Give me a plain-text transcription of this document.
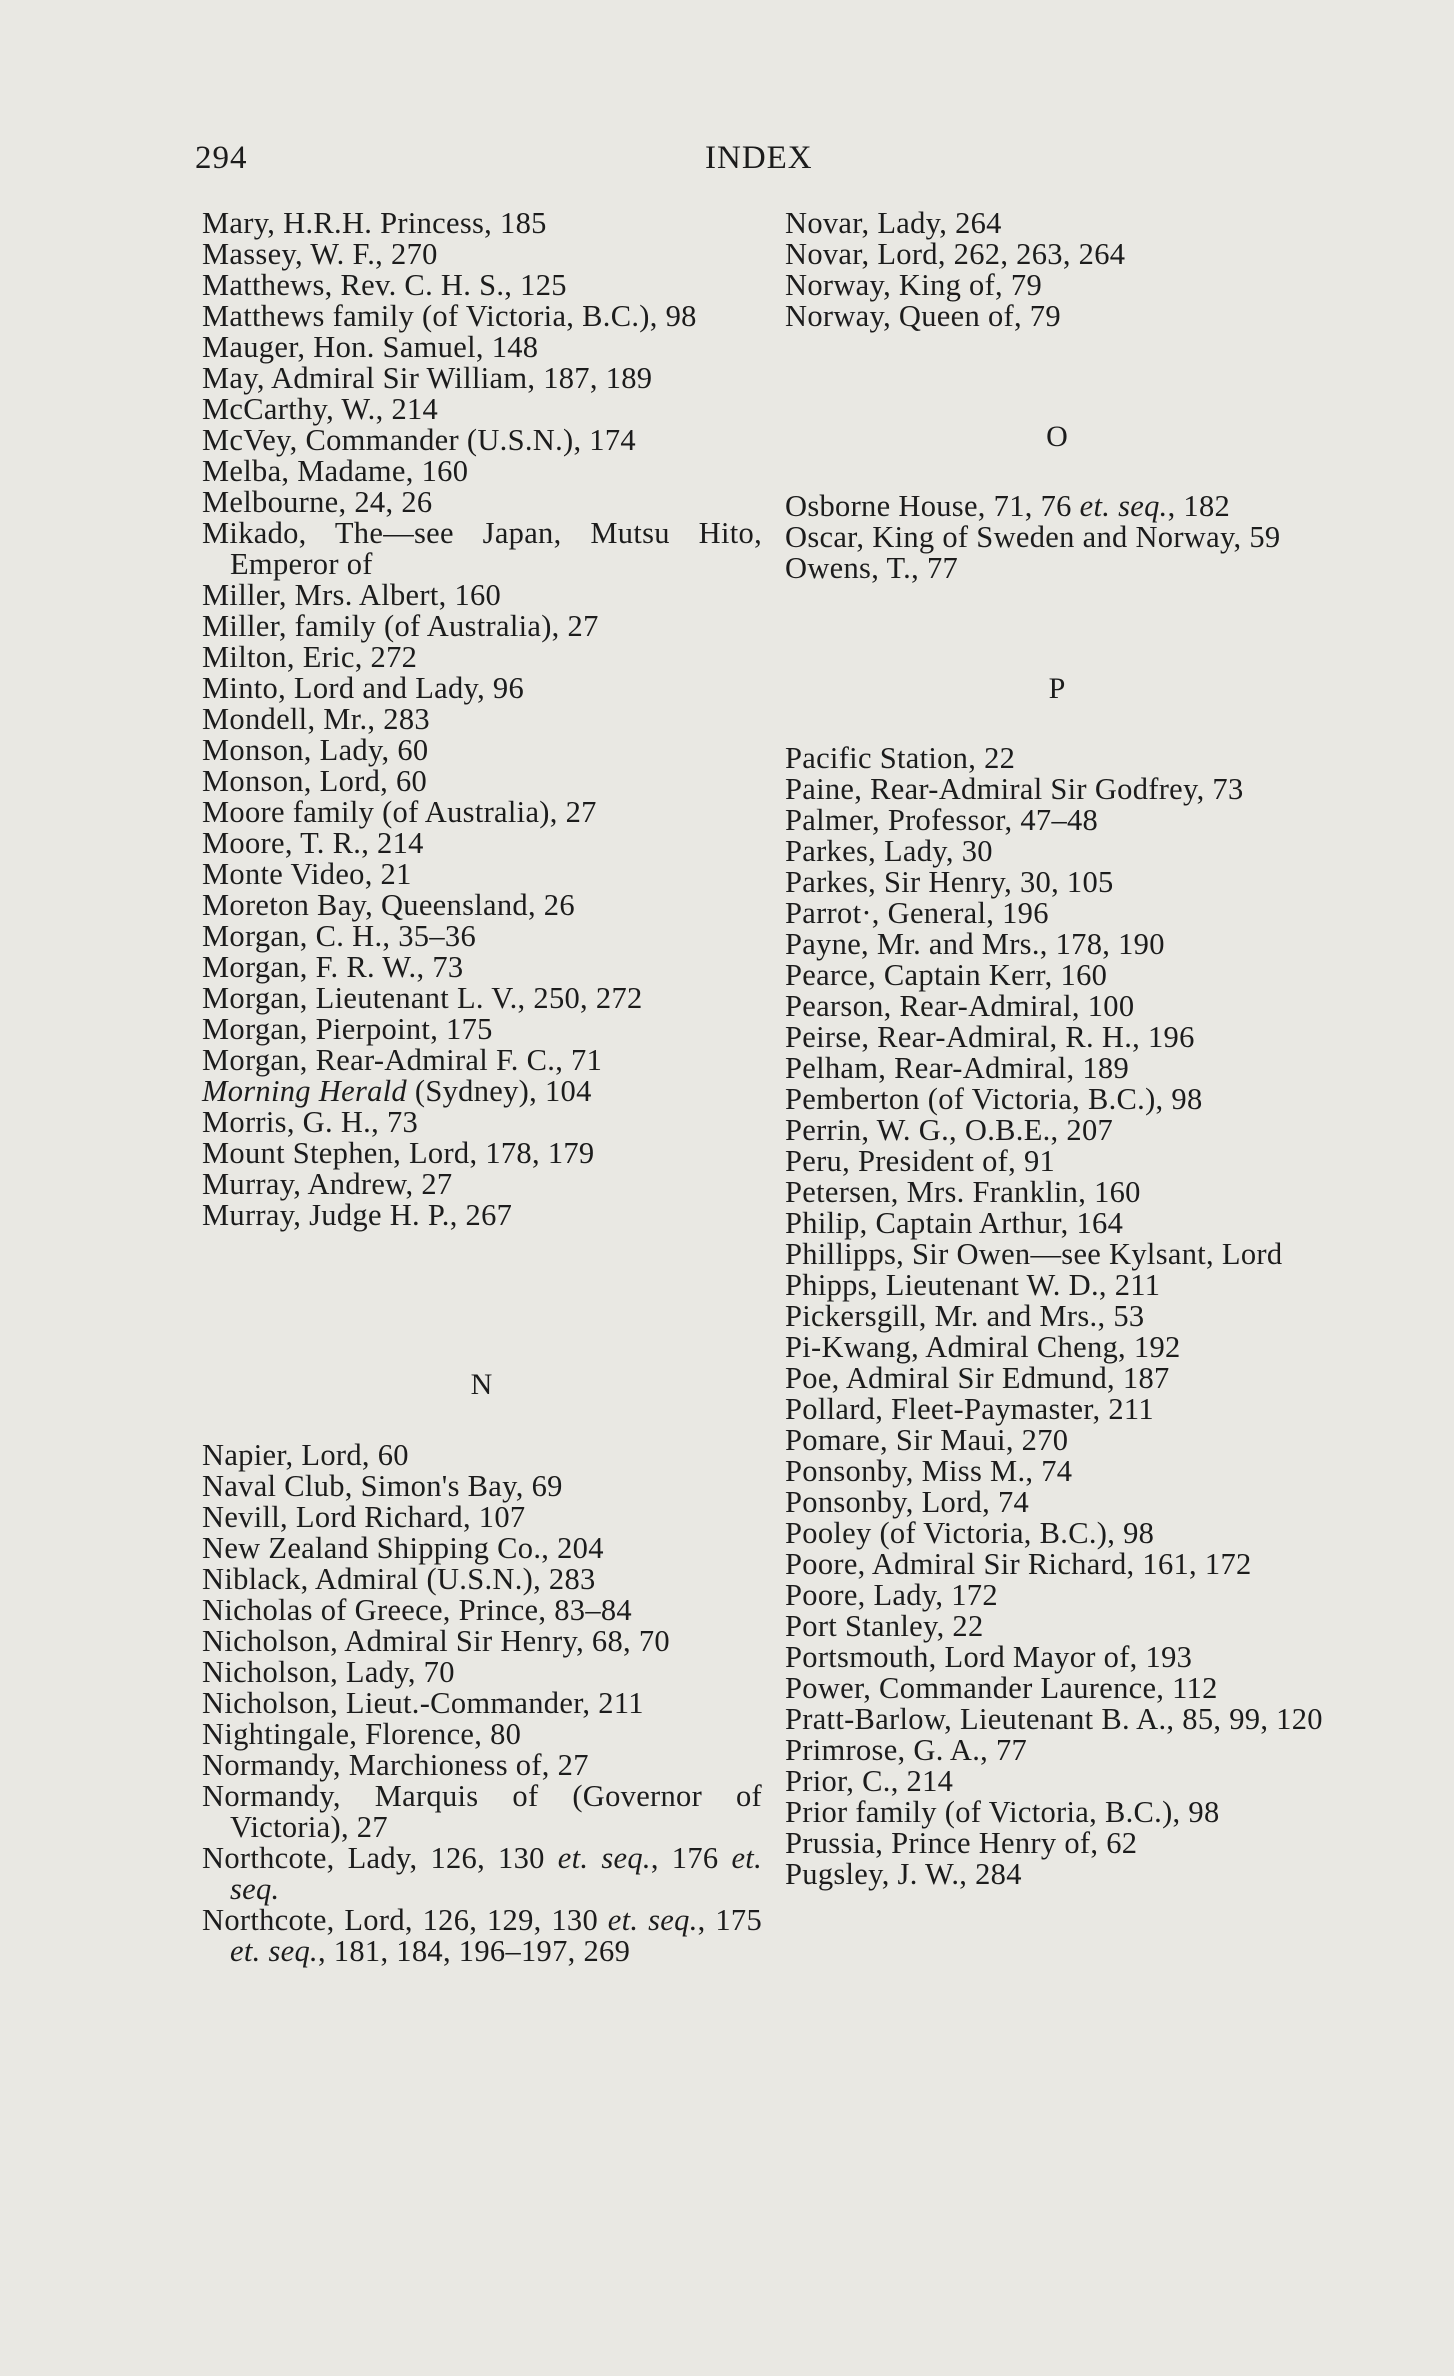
294	INDEX

Mary, H.R.H. Princess, 185

Massey, W. F., 270

Matthews, Rev. C. H. S., 125

Matthews family (of Victoria, B.C.), 98

Mauger, Hon. Samuel, 148

May, Admiral Sir William, 187, 189

McCarthy, W., 214

McVey, Commander (U.S.N.), 174

Melba, Madame, 160

Melbourne, 24, 26

Mikado, The—see Japan, Mutsu Hito, Emperor of

Miller, Mrs. Albert, 160

Miller, family (of Australia), 27

Milton, Eric, 272

Minto, Lord and Lady, 96

Mondell, Mr., 283

Monson, Lady, 60

Monson, Lord, 60

Moore family (of Australia), 27

Moore, T. R., 214

Monte Video, 21

Moreton Bay, Queensland, 26

Morgan, C. H., 35–36

Morgan, F. R. W., 73

Morgan, Lieutenant L. V., 250, 272

Morgan, Pierpoint, 175

Morgan, Rear-Admiral F. C., 71

Morning Herald (Sydney), 104

Morris, G. H., 73

Mount Stephen, Lord, 178, 179

Murray, Andrew, 27

Murray, Judge H. P., 267

N

Napier, Lord, 60

Naval Club, Simon's Bay, 69

Nevill, Lord Richard, 107

New Zealand Shipping Co., 204

Niblack, Admiral (U.S.N.), 283

Nicholas of Greece, Prince, 83–84

Nicholson, Admiral Sir Henry, 68, 70

Nicholson, Lady, 70

Nicholson, Lieut.-Commander, 211

Nightingale, Florence, 80

Normandy, Marchioness of, 27

Normandy, Marquis of (Governor of Victoria), 27

Northcote, Lady, 126, 130 et. seq., 176 et. seq.

Northcote, Lord, 126, 129, 130 et. seq., 175 et. seq., 181, 184, 196–197, 269

Novar, Lady, 264

Novar, Lord, 262, 263, 264

Norway, King of, 79

Norway, Queen of, 79

O

Osborne House, 71, 76 et. seq., 182

Oscar, King of Sweden and Norway, 59

Owens, T., 77

P

Pacific Station, 22

Paine, Rear-Admiral Sir Godfrey, 73

Palmer, Professor, 47–48

Parkes, Lady, 30

Parkes, Sir Henry, 30, 105

Parrot·, General, 196

Payne, Mr. and Mrs., 178, 190

Pearce, Captain Kerr, 160

Pearson, Rear-Admiral, 100

Peirse, Rear-Admiral, R. H., 196

Pelham, Rear-Admiral, 189

Pemberton (of Victoria, B.C.), 98

Perrin, W. G., O.B.E., 207

Peru, President of, 91

Petersen, Mrs. Franklin, 160

Philip, Captain Arthur, 164

Phillipps, Sir Owen—see Kylsant, Lord

Phipps, Lieutenant W. D., 211

Pickersgill, Mr. and Mrs., 53

Pi-Kwang, Admiral Cheng, 192

Poe, Admiral Sir Edmund, 187

Pollard, Fleet-Paymaster, 211

Pomare, Sir Maui, 270

Ponsonby, Miss M., 74

Ponsonby, Lord, 74

Pooley (of Victoria, B.C.), 98

Poore, Admiral Sir Richard, 161, 172

Poore, Lady, 172

Port Stanley, 22

Portsmouth, Lord Mayor of, 193

Power, Commander Laurence, 112

Pratt-Barlow, Lieutenant B. A., 85, 99, 120

Primrose, G. A., 77

Prior, C., 214

Prior family (of Victoria, B.C.), 98

Prussia, Prince Henry of, 62

Pugsley, J. W., 284
